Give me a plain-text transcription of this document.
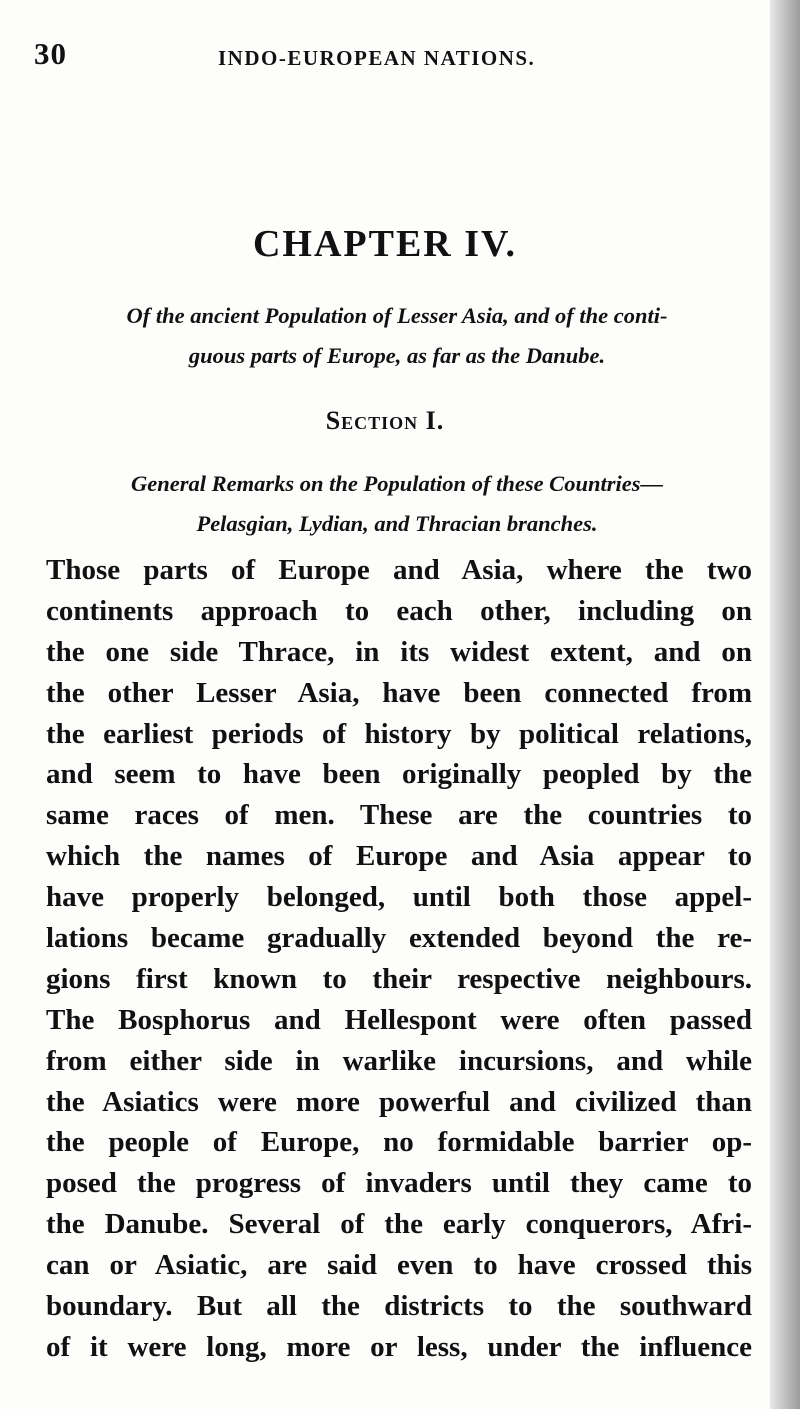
30	INDO-EUROPEAN NATIONS.
CHAPTER IV.
Of the ancient Population of Lesser Asia, and of the conti-
guous parts of Europe, as far as the Danube.
Section I.
General Remarks on the Population of these Countries—
Pelasgian, Lydian, and Thracian branches.
Those parts of Europe and Asia, where the two
continents approach to each other, including on
the one side Thrace, in its widest extent, and on
the other Lesser Asia, have been connected from
the earliest periods of history by political relations,
and seem to have been originally peopled by the
same races of men. These are the countries to
which the names of Europe and Asia appear to
have properly belonged, until both those appel-
lations became gradually extended beyond the re-
gions first known to their respective neighbours.
The Bosphorus and Hellespont were often passed
from either side in warlike incursions, and while
the Asiatics were more powerful and civilized than
the people of Europe, no formidable barrier op-
posed the progress of invaders until they came to
the Danube. Several of the early conquerors, Afri-
can or Asiatic, are said even to have crossed this
boundary. But all the districts to the southward
of it were long, more or less, under the influence
